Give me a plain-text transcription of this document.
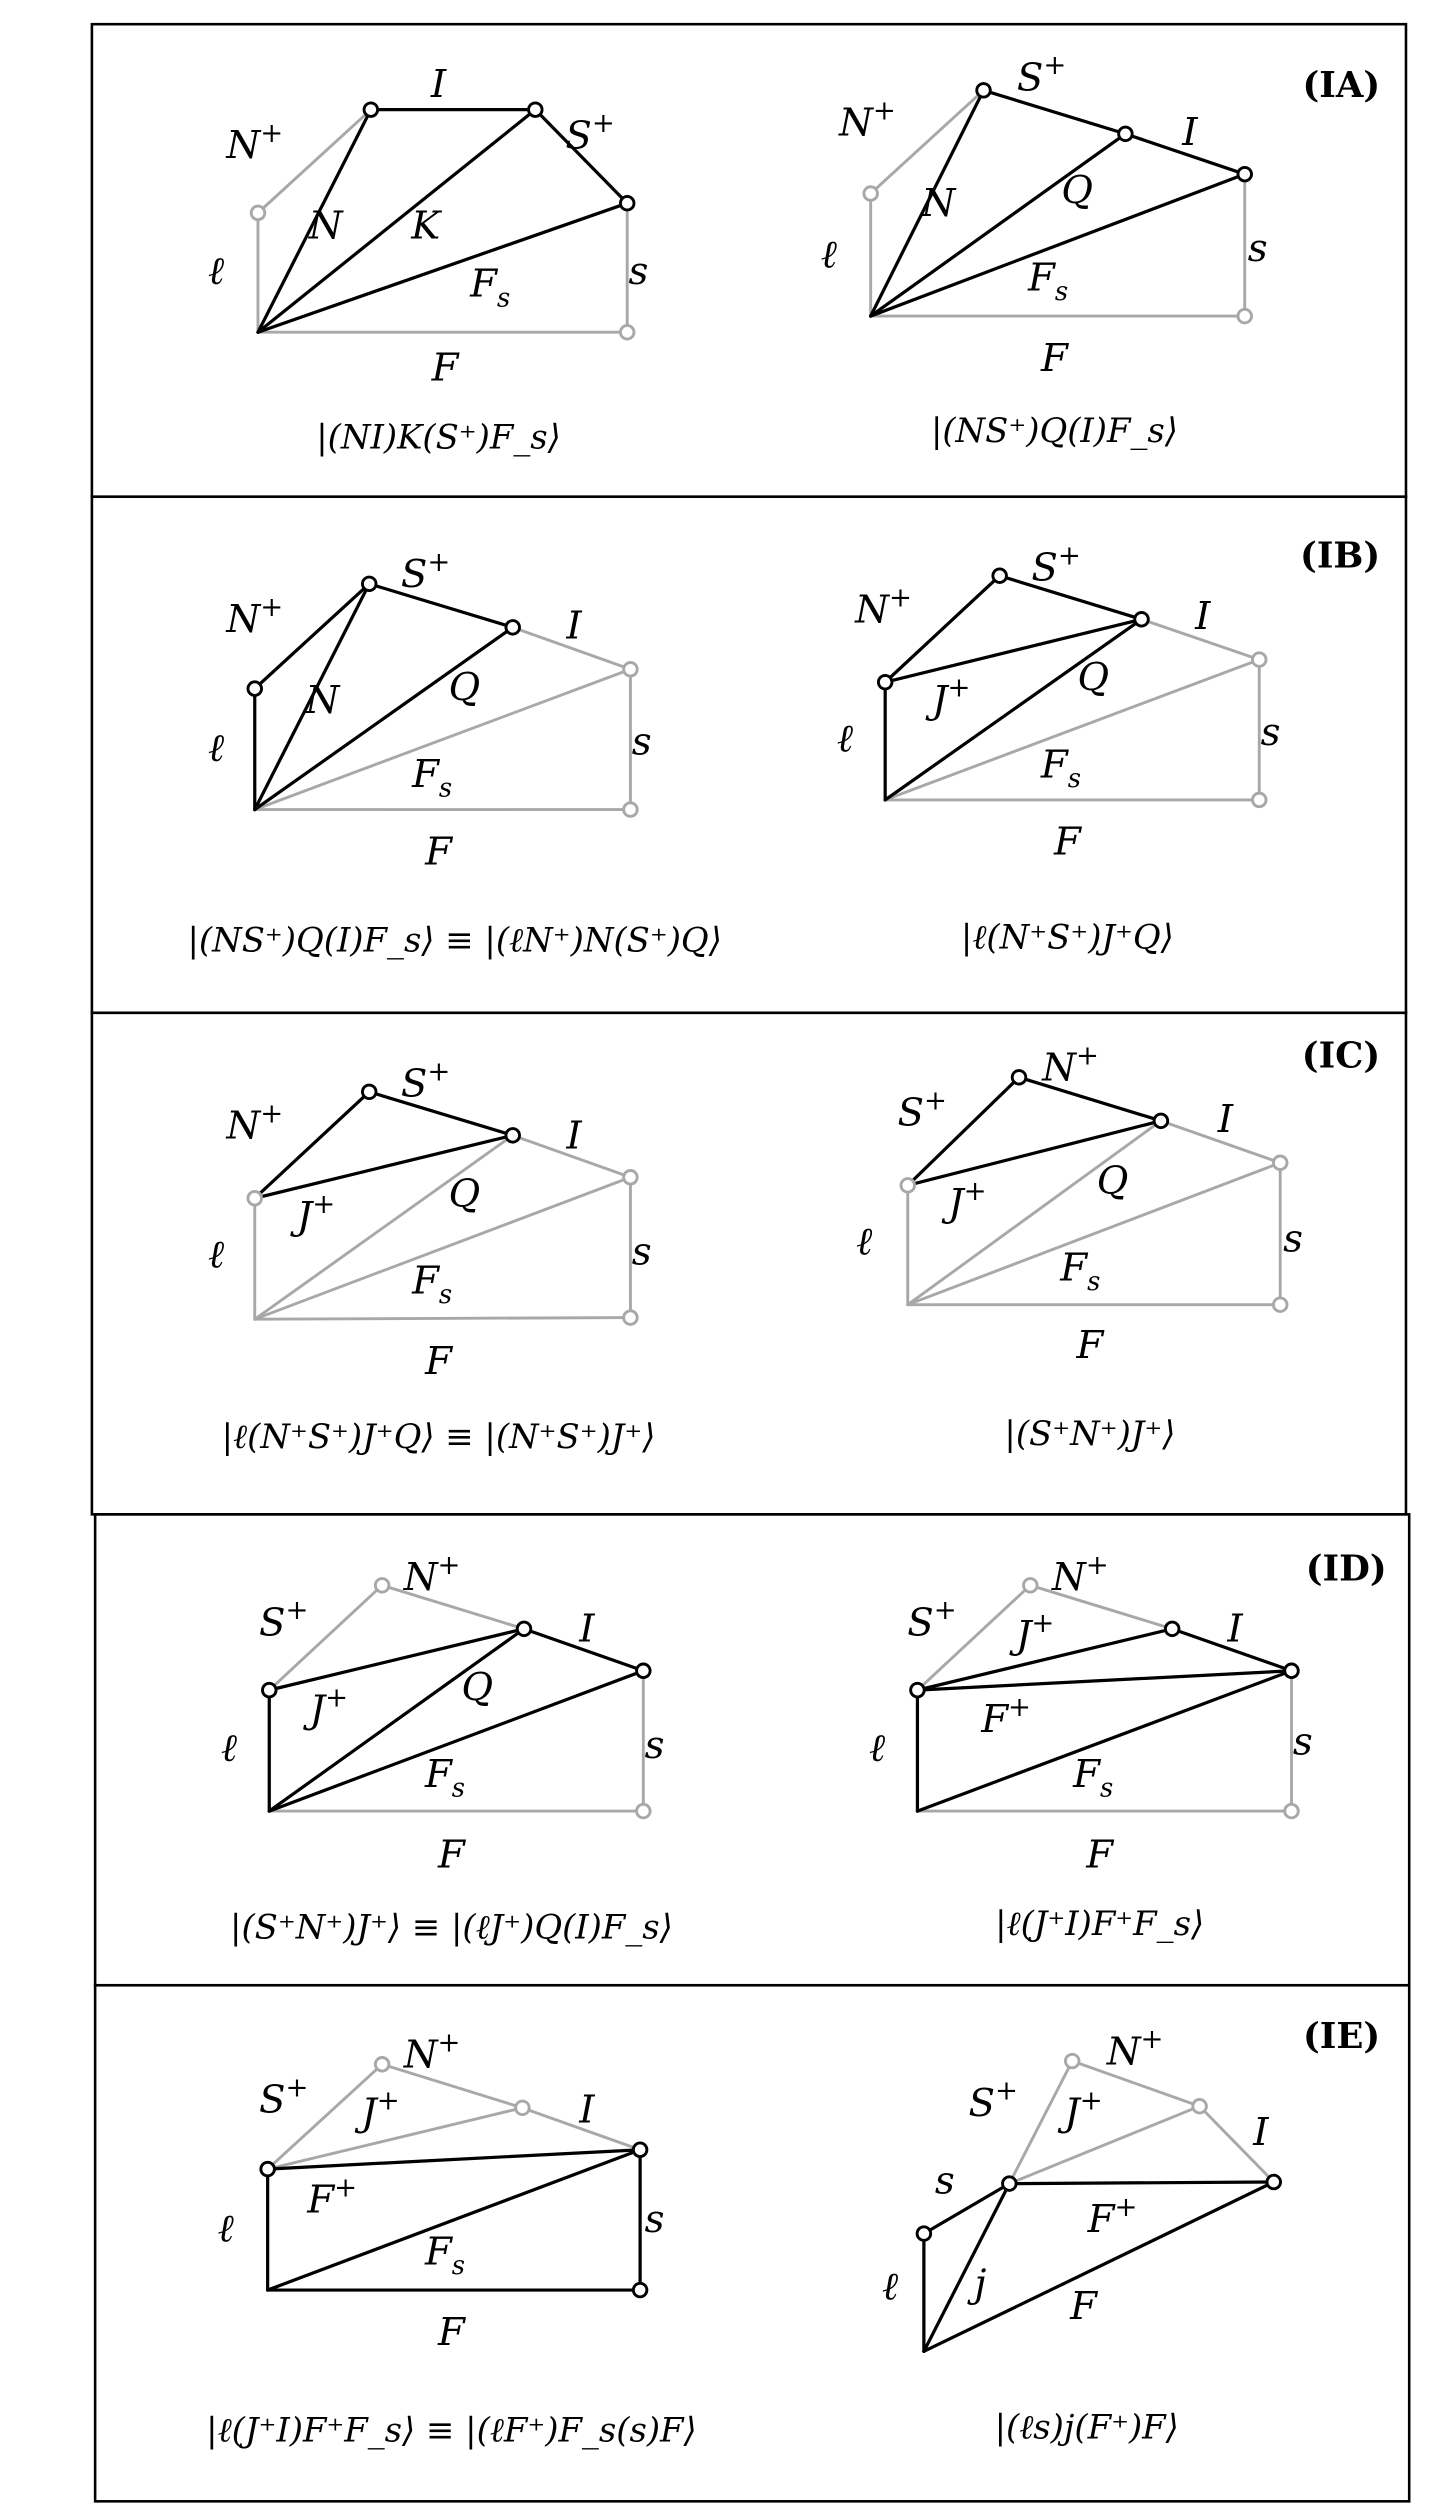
(IA)
(IB)
(IC)
(ID)
(IE)
|(NI)K(S⁺)F_s⟩	|(NS⁺)Q(I)F_s⟩
|(NS⁺)Q(I)F_s⟩ ≡ |(ℓN⁺)N(S⁺)Q⟩	|ℓ(N⁺S⁺)J⁺Q⟩
|ℓ(N⁺S⁺)J⁺Q⟩ ≡ |(N⁺S⁺)J⁺⟩	|(S⁺N⁺)J⁺⟩
|(S⁺N⁺)J⁺⟩ ≡ |(ℓJ⁺)Q(I)F_s⟩	|ℓ(J⁺I)F⁺F_s⟩
|ℓ(J⁺I)F⁺F_s⟩ ≡ |(ℓF⁺)F_s(s)F⟩	|(ℓs)j(F⁺)F⟩
N+
I
S+
N	K
$F_s$
ℓ	s
F
N+
S+
I
N	Q
$F_s$
ℓ	s
F
N+
S+
I
N	Q
$F_s$
ℓ	s
F
N+
S+
I
J+	Q
$F_s$
ℓ	s
F
N+
S+
I
J+	Q
$F_s$
ℓ	s
F
S+
N+
I
J+	Q
$F_s$
ℓ	s
F
S+
N+
I
J+	Q
$F_s$
ℓ	s
F
S+
N+
I
J+
F+
$F_s$
ℓ	s
F
S+
N+
I
J+
F+
$F_s$
ℓ	s
F
s
ℓ
S+ J+
N+
I
F+
j
F
